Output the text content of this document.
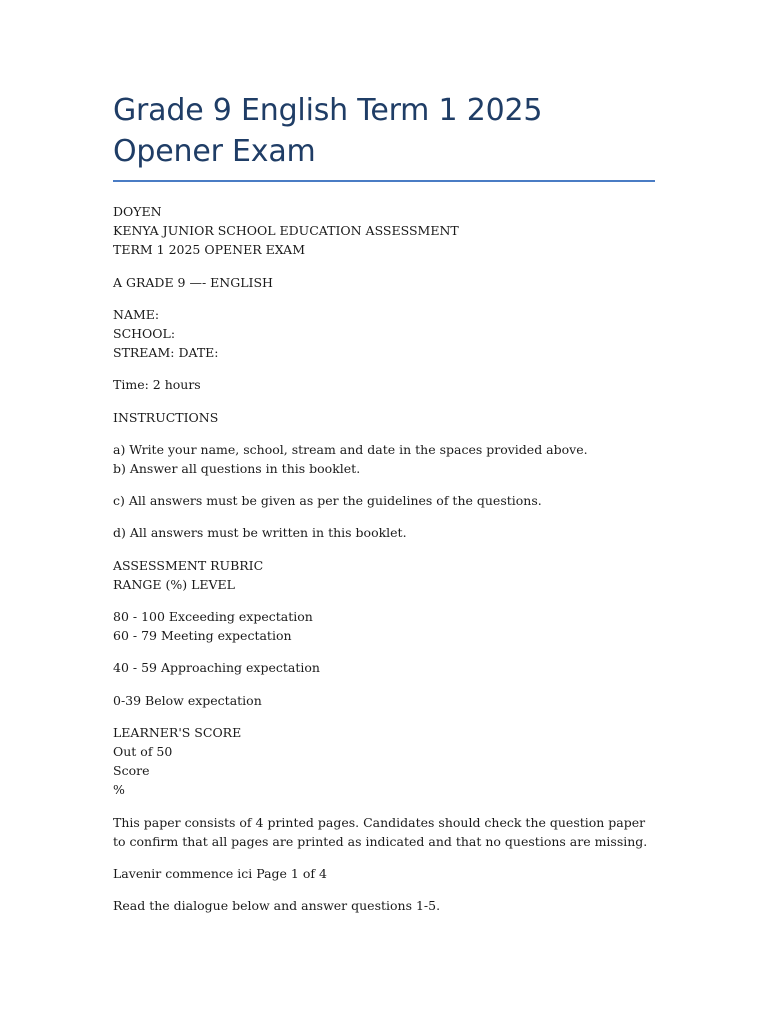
Grade 9 English Term 1 2025 Opener Exam
DOYEN
KENYA JUNIOR SCHOOL EDUCATION ASSESSMENT
TERM 1 2025 OPENER EXAM
A GRADE 9 —- ENGLISH
NAME:
SCHOOL:
STREAM: DATE:
Time: 2 hours
INSTRUCTIONS
a) Write your name, school, stream and date in the spaces provided above.
b) Answer all questions in this booklet.
c) All answers must be given as per the guidelines of the questions.
d) All answers must be written in this booklet.
ASSESSMENT RUBRIC
RANGE (%) LEVEL
80 - 100 Exceeding expectation
60 - 79 Meeting expectation
40 - 59 Approaching expectation
0-39 Below expectation
LEARNER'S SCORE
Out of 50
Score
%
This paper consists of 4 printed pages. Candidates should check the question paper to confirm that all pages are printed as indicated and that no questions are missing.
Lavenir commence ici Page 1 of 4
Read the dialogue below and answer questions 1-5.
